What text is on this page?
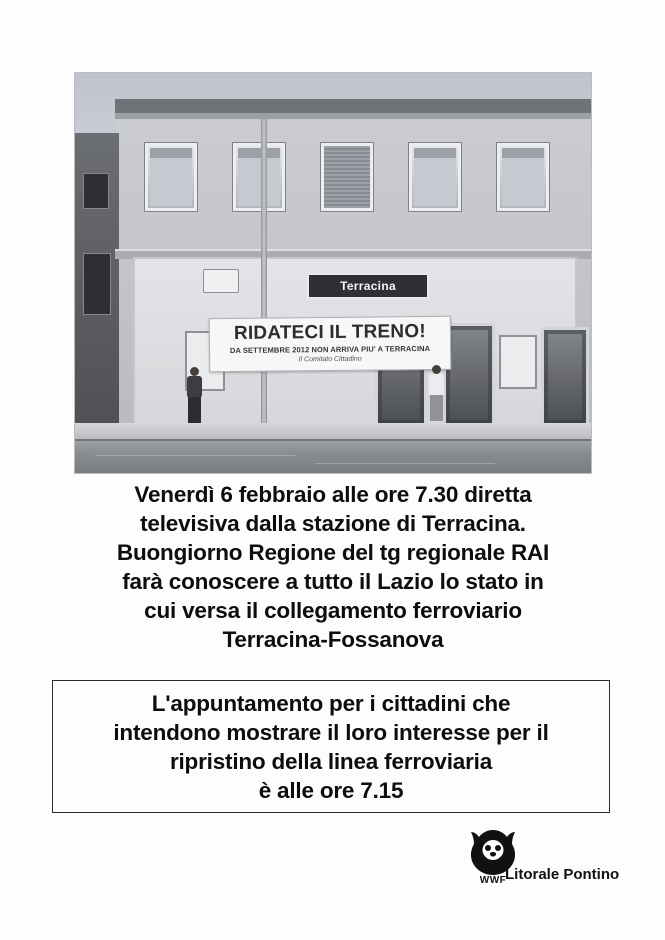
Terracina
RIDATECI IL TRENO!
DA SETTEMBRE 2012 NON ARRIVA PIU' A TERRACINA
Il Comitato Cittadino
Venerdì 6 febbraio alle ore 7.30 diretta
televisiva dalla stazione di Terracina.
Buongiorno Regione del tg regionale RAI
farà conoscere a tutto il Lazio lo stato in
cui versa il collegamento ferroviario
Terracina-Fossanova
L'appuntamento per i cittadini che
intendono mostrare il loro interesse per il
ripristino della linea ferroviaria
è alle ore 7.15
WWF
Litorale Pontino
